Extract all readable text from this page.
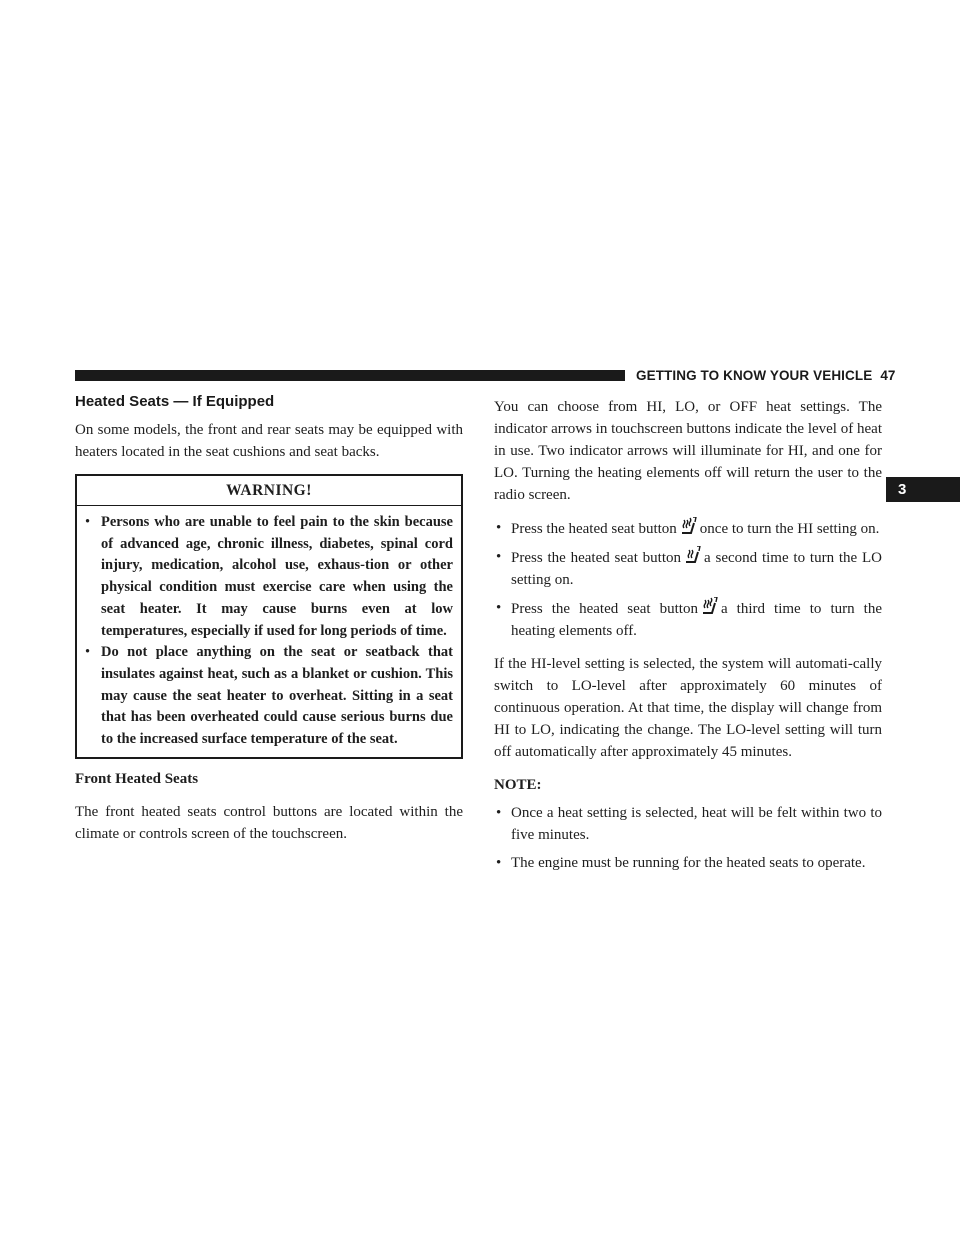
GETTING TO KNOW YOUR VEHICLE 47
3
Heated Seats — If Equipped

On some models, the front and rear seats may be equipped with heaters located in the seat cushions and seat backs.

WARNING!
• Persons who are unable to feel pain to the skin because of advanced age, chronic illness, diabetes, spinal cord injury, medication, alcohol use, exhaus-tion or other physical condition must exercise care when using the seat heater. It may cause burns even at low temperatures, especially if used for long periods of time.
• Do not place anything on the seat or seatback that insulates against heat, such as a blanket or cushion. This may cause the seat heater to overheat. Sitting in a seat that has been overheated could cause serious burns due to the increased surface temperature of the seat.

Front Heated Seats

The front heated seats control buttons are located within the climate or controls screen of the touchscreen.

You can choose from HI, LO, or OFF heat settings. The indicator arrows in touchscreen buttons indicate the level of heat in use. Two indicator arrows will illuminate for HI, and one for LO. Turning the heating elements off will return the user to the radio screen.

• Press the heated seat button once to turn the HI setting on.
• Press the heated seat button a second time to turn the LO setting on.
• Press the heated seat button a third time to turn the heating elements off.

If the HI-level setting is selected, the system will automati-cally switch to LO-level after approximately 60 minutes of continuous operation. At that time, the display will change from HI to LO, indicating the change. The LO-level setting will turn off automatically after approximately 45 minutes.

NOTE:

• Once a heat setting is selected, heat will be felt within two to five minutes.
• The engine must be running for the heated seats to operate.
